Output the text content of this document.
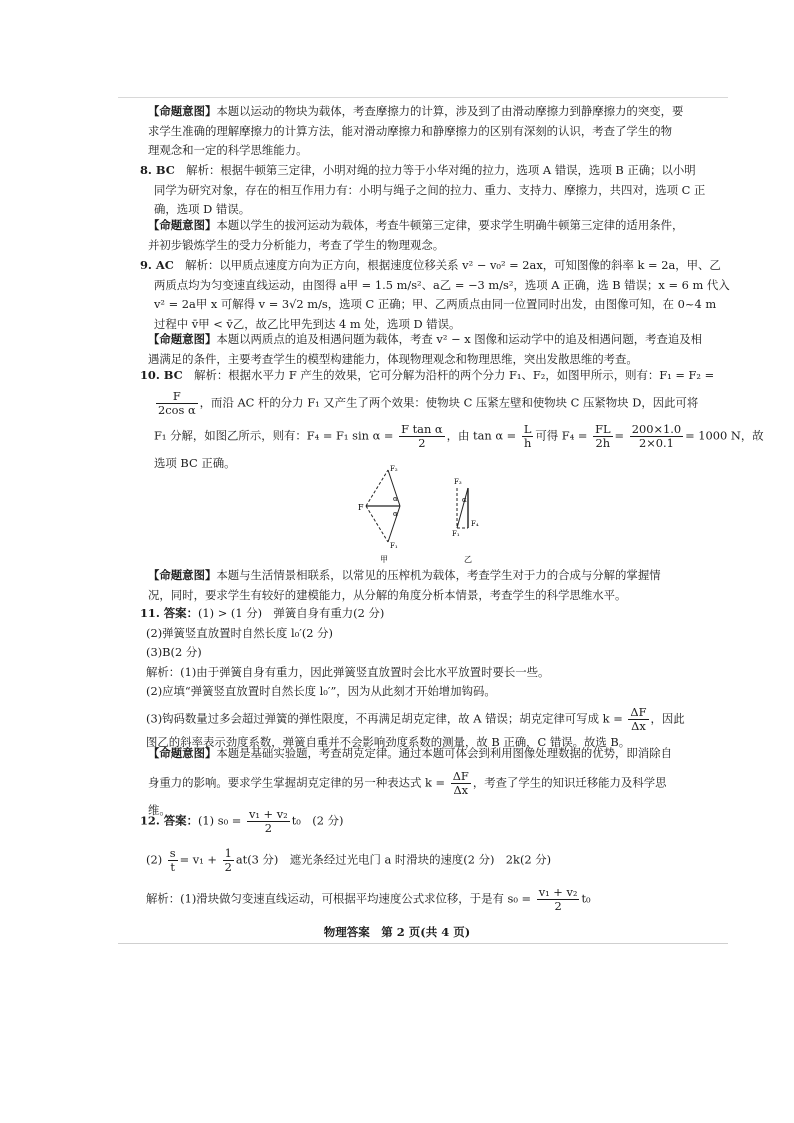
【命题意图】本题以运动的物块为载体，考查摩擦力的计算，涉及到了由滑动摩擦力到静摩擦力的突变，要
求学生准确的理解摩擦力的计算方法，能对滑动摩擦力和静摩擦力的区别有深刻的认识，考查了学生的物
理观念和一定的科学思维能力。
8. BC　 解析：根据牛顿第三定律，小明对绳的拉力等于小华对绳的拉力，选项 A 错误，选项 B 正确；以小明
同学为研究对象，存在的相互作用力有：小明与绳子之间的拉力、重力、支持力、摩擦力，共四对，选项 C 正
确，选项 D 错误。
【命题意图】本题以学生的拔河运动为载体，考查牛顿第三定律，要求学生明确牛顿第三定律的适用条件，
并初步锻炼学生的受力分析能力，考查了学生的物理观念。
9. AC　 解析：以甲质点速度方向为正方向，根据速度位移关系 v² − v₀² = 2ax，可知图像的斜率 k = 2a，甲、乙
两质点均为匀变速直线运动，由图得 a甲 = 1.5 m/s²、a乙 = −3 m/s²，选项 A 正确，选 B 错误；x = 6 m 代入
v² = 2a甲 x 可解得 v = 3√2 m/s，选项 C 正确；甲、乙两质点由同一位置同时出发，由图像可知，在 0~4 m
过程中 v̄甲 < v̄乙，故乙比甲先到达 4 m 处，选项 D 错误。
【命题意图】本题以两质点的追及相遇问题为载体，考查 v² − x 图像和运动学中的追及相遇问题，考查追及相
遇满足的条件，主要考查学生的模型构建能力，体现物理观念和物理思维，突出发散思维的考查。
10. BC　 解析：根据水平力 F 产生的效果，它可分解为沿杆的两个分力 F₁、F₂，如图甲所示，则有：F₁ = F₂ =
$\frac{F}{\text{2cos α}}$ ，而沿 AC 杆的分力 F₁ 又产生了两个效果：使物块 C 压紧左壁和使物块 C 压紧物块 D，因此可将
F₁ 分解，如图乙所示，则有：F₄ = F₁ $\sin \alpha = \frac{\text{F tan α}}{2}$ ，由 $\tan \alpha = \frac{L}{h}$ 可得 $F_4 = \frac{FL}{2h} = \frac{200\times 1.0}{2\times 0.1} = 1000$ N，故
选项 BC 正确。
F
F₂
F₁
α
α
甲
F₃
F₄
F₁
α
乙
【命题意图】本题与生活情景相联系，以常见的压榨机为载体，考查学生对于力的合成与分解的掌握情
况，同时，要求学生有较好的建模能力，从分解的角度分析本情景，考查学生的科学思维水平。
11. 答案：(1) > (1 分)　弹簧自身有重力(2 分)
(2)弹簧竖直放置时自然长度 l₀′(2 分)
(3)B(2 分)
解析：(1)由于弹簧自身有重力，因此弹簧竖直放置时会比水平放置时要长一些。
(2)应填“弹簧竖直放置时自然长度 l₀′”，因为从此刻才开始增加钩码。
(3)钩码数量过多会超过弹簧的弹性限度，不再满足胡克定律，故 A 错误；胡克定律可写成 $k = \frac{\Delta F}{\Delta x}$ ，因此
图乙的斜率表示劲度系数，弹簧自重并不会影响劲度系数的测量，故 B 正确，C 错误。故选 B。
【命题意图】本题是基础实验题，考查胡克定律。通过本题可体会到利用图像处理数据的优势，即消除自
身重力的影响。要求学生掌握胡克定律的另一种表达式 $k = \frac{\Delta F}{\Delta x}$ ，考查了学生的知识迁移能力及科学思
维。
12. 答案：(1) $s_0 = \frac{\text{v₁ + v₂}}{2} t_0$　(2 分)
$(2) \frac{s}{t} = v_1 + \frac{1}{2} at(3$ 分)　遮光条经过光电门 a 时滑块的速度(2 分)　2k(2 分)
解析：(1)滑块做匀变速直线运动，可根据平均速度公式求位移，于是有 $s_0 = \frac{\text{v₁ + v₂}}{2} t_0$
物理答案　第 2 页(共 4 页)
